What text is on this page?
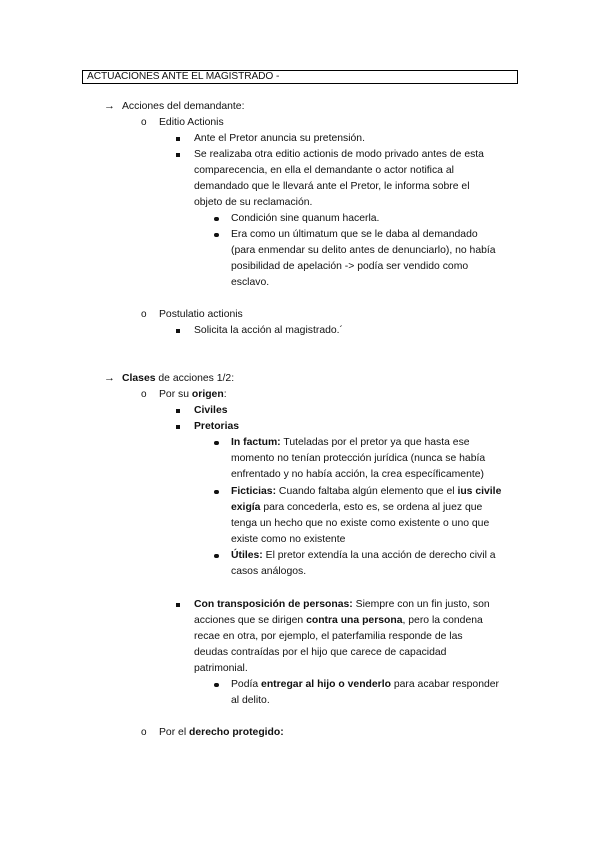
ACTUACIONES ANTE EL MAGISTRADO -
→ Acciones del demandante:
o Editio Actionis
Ante el Pretor anuncia su pretensión.
Se realizaba otra editio actionis de modo privado antes de esta
comparecencia, en ella el demandante o actor notifica al
demandado que le llevará ante el Pretor, le informa sobre el
objeto de su reclamación.
Condición sine quanum hacerla.
Era como un últimatum que se le daba al demandado
(para enmendar su delito antes de denunciarlo), no había
posibilidad de apelación -> podía ser vendido como
esclavo.
o Postulatio actionis
Solicita la acción al magistrado.´
→ Clases de acciones 1/2:
o Por su origen:
Civiles
Pretorias
In factum: Tuteladas por el pretor ya que hasta ese
momento no tenían protección jurídica (nunca se había
enfrentado y no había acción, la crea específicamente)
Ficticias: Cuando faltaba algún elemento que el ius civile
exigía para concederla, esto es, se ordena al juez que
tenga un hecho que no existe como existente o uno que
existe como no existente
Útiles: El pretor extendía la una acción de derecho civil a
casos análogos.
Con transposición de personas: Siempre con un fin justo, son
acciones que se dirigen contra una persona, pero la condena
recae en otra, por ejemplo, el paterfamilia responde de las
deudas contraídas por el hijo que carece de capacidad
patrimonial.
Podía entregar al hijo o venderlo para acabar responder
al delito.
o Por el derecho protegido:
